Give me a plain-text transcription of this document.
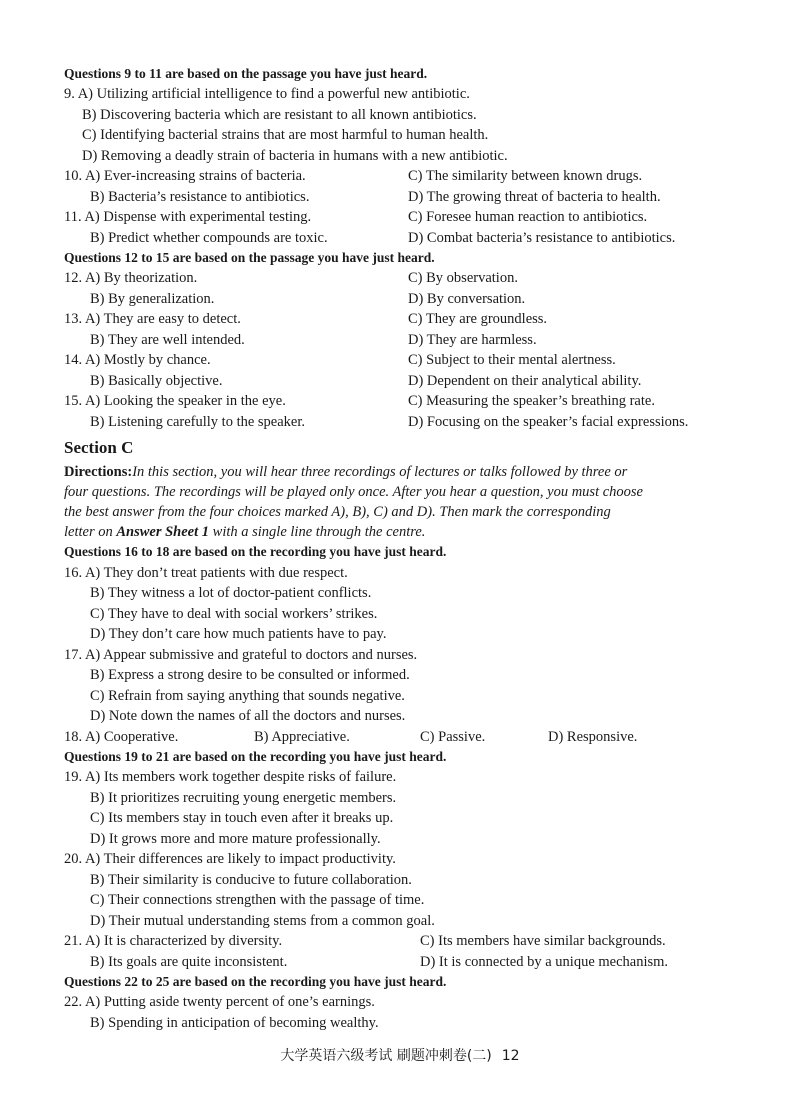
Questions 9 to 11 are based on the passage you have just heard.
9. A) Utilizing artificial intelligence to find a powerful new antibiotic.
B) Discovering bacteria which are resistant to all known antibiotics.
C) Identifying bacterial strains that are most harmful to human health.
D) Removing a deadly strain of bacteria in humans with a new antibiotic.
10. A) Ever-increasing strains of bacteria.	C) The similarity between known drugs.
B) Bacteria’s resistance to antibiotics.	D) The growing threat of bacteria to health.
11. A) Dispense with experimental testing.	C) Foresee human reaction to antibiotics.
B) Predict whether compounds are toxic.	D) Combat bacteria’s resistance to antibiotics.
Questions 12 to 15 are based on the passage you have just heard.
12. A) By theorization.	C) By observation.
B) By generalization.	D) By conversation.
13. A) They are easy to detect.	C) They are groundless.
B) They are well intended.	D) They are harmless.
14. A) Mostly by chance.	C) Subject to their mental alertness.
B) Basically objective.	D) Dependent on their analytical ability.
15. A) Looking the speaker in the eye.	C) Measuring the speaker’s breathing rate.
B) Listening carefully to the speaker.	D) Focusing on the speaker’s facial expressions.
Section C
Directions:In this section, you will hear three recordings of lectures or talks followed by three or
four questions. The recordings will be played only once. After you hear a question, you must choose
the best answer from the four choices marked A), B), C) and D). Then mark the corresponding
letter on Answer Sheet 1 with a single line through the centre.
Questions 16 to 18 are based on the recording you have just heard.
16. A) They don’t treat patients with due respect.
B) They witness a lot of doctor-patient conflicts.
C) They have to deal with social workers’ strikes.
D) They don’t care how much patients have to pay.
17. A) Appear submissive and grateful to doctors and nurses.
B) Express a strong desire to be consulted or informed.
C) Refrain from saying anything that sounds negative.
D) Note down the names of all the doctors and nurses.
18. A) Cooperative.	B) Appreciative.	C) Passive.	D) Responsive.
Questions 19 to 21 are based on the recording you have just heard.
19. A) Its members work together despite risks of failure.
B) It prioritizes recruiting young energetic members.
C) Its members stay in touch even after it breaks up.
D) It grows more and more mature professionally.
20. A) Their differences are likely to impact productivity.
B) Their similarity is conducive to future collaboration.
C) Their connections strengthen with the passage of time.
D) Their mutual understanding stems from a common goal.
21. A) It is characterized by diversity.	C) Its members have similar backgrounds.
B) Its goals are quite inconsistent.	D) It is connected by a unique mechanism.
Questions 22 to 25 are based on the recording you have just heard.
22. A) Putting aside twenty percent of one’s earnings.
B) Spending in anticipation of becoming wealthy.
大学英语六级考试 刷题冲刺卷(二) 12
